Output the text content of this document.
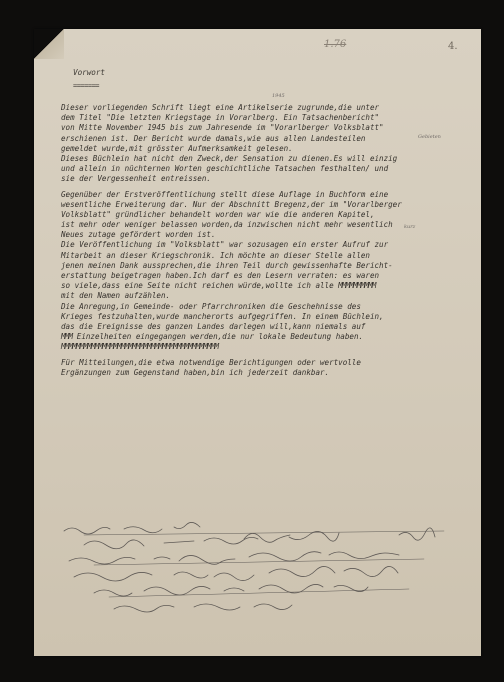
1.76	4.
Vorwort
=======
Dieser vorliegenden Schrift liegt eine Artikelserie zugrunde,die unter
dem Titel "Die letzten Kriegstage in Vorarlberg. Ein Tatsachenbericht"
von Mitte November 1945 bis zum Jahresende im "Vorarlberger Volksblatt"
erschienen ist. Der Bericht wurde damals,wie aus allen Landesteilen
gemeldet wurde,mit grösster Aufmerksamkeit gelesen.
Dieses Büchlein hat nicht den Zweck,der Sensation zu dienen.Es will einzig
und allein in nüchternen Worten geschichtliche Tatsachen festhalten/ und
sie der Vergessenheit entreissen.
Gegenüber der Erstveröffentlichung stellt diese Auflage in Buchform eine
wesentliche Erweiterung dar. Nur der Abschnitt Bregenz,der im "Vorarlberger
Volksblatt" gründlicher behandelt worden war wie die anderen Kapitel,
ist mehr oder weniger belassen worden,da inzwischen nicht mehr wesentlich
Neues zutage gefördert worden ist.
Die Veröffentlichung im "Volksblatt" war sozusagen ein erster Aufruf zur
Mitarbeit an dieser Kriegschronik. Ich möchte an dieser Stelle allen
jenen meinen Dank aussprechen,die ihren Teil durch gewissenhafte Bericht-
erstattung beigetragen haben.Ich darf es den Lesern verraten: es waren
so viele,dass eine Seite nicht reichen würde,wollte ich alle MMMMMMMMMM
mit den Namen aufzählen.
Die Anregung,in Gemeinde- oder Pfarrchroniken die Geschehnisse des
Krieges festzuhalten,wurde mancherorts aufgegriffen. In einem Büchlein,
das die Ereignisse des ganzen Landes darlegen will,kann niemals auf
MMM Einzelheiten eingegangen werden,die nur lokale Bedeutung haben.
MMMMMMMMMMMMMMMMMMMMMMMMMMMMMMMMMMMMMMMMMM
Für Mitteilungen,die etwa notwendige Berichtigungen oder wertvolle
Ergänzungen zum Gegenstand haben,bin ich jederzeit dankbar.
1945
Gebieten
kurz
